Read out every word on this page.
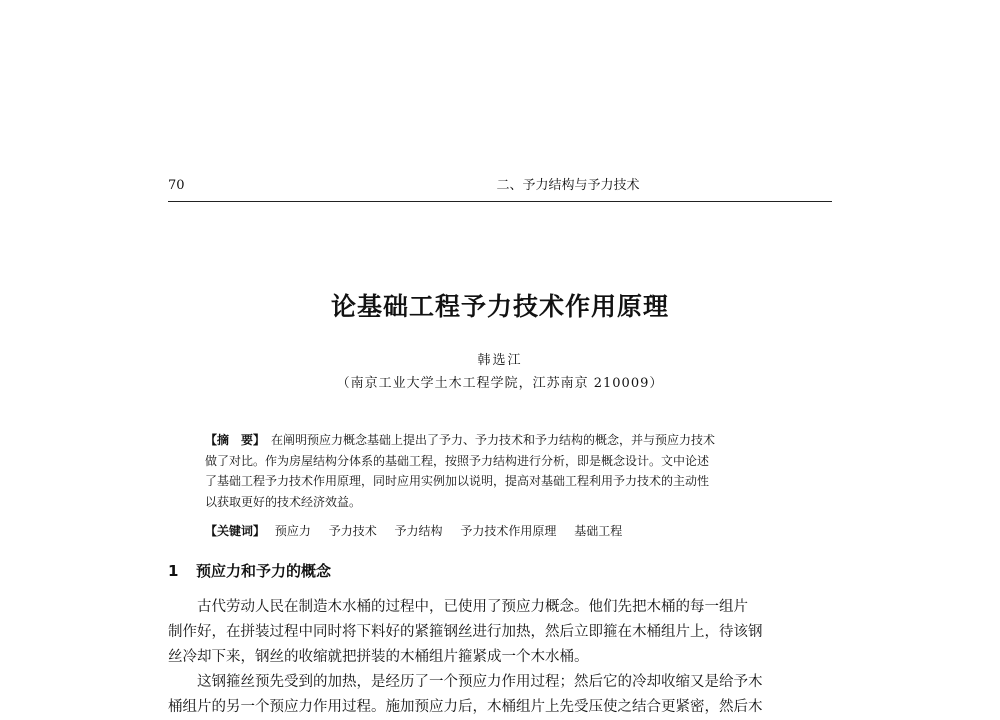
70	二、予力结构与予力技术
论基础工程予力技术作用原理
韩选江
（南京工业大学土木工程学院，江苏南京 210009）
【摘　要】 在阐明预应力概念基础上提出了予力、予力技术和予力结构的概念，并与预应力技术
做了对比。作为房屋结构分体系的基础工程，按照予力结构进行分析，即是概念设计。文中论述
了基础工程予力技术作用原理，同时应用实例加以说明，提高对基础工程利用予力技术的主动性
以获取更好的技术经济效益。
【关键词】 预应力 予力技术 予力结构 予力技术作用原理 基础工程
1 预应力和予力的概念
古代劳动人民在制造木水桶的过程中，已使用了预应力概念。他们先把木桶的每一组片
制作好，在拼装过程中同时将下料好的紧箍钢丝进行加热，然后立即箍在木桶组片上，待该钢
丝冷却下来，钢丝的收缩就把拼装的木桶组片箍紧成一个木水桶。
这钢箍丝预先受到的加热，是经历了一个预应力作用过程；然后它的冷却收缩又是给予木
桶组片的另一个预应力作用过程。施加预应力后，木桶组片上先受压使之结合更紧密，然后木
